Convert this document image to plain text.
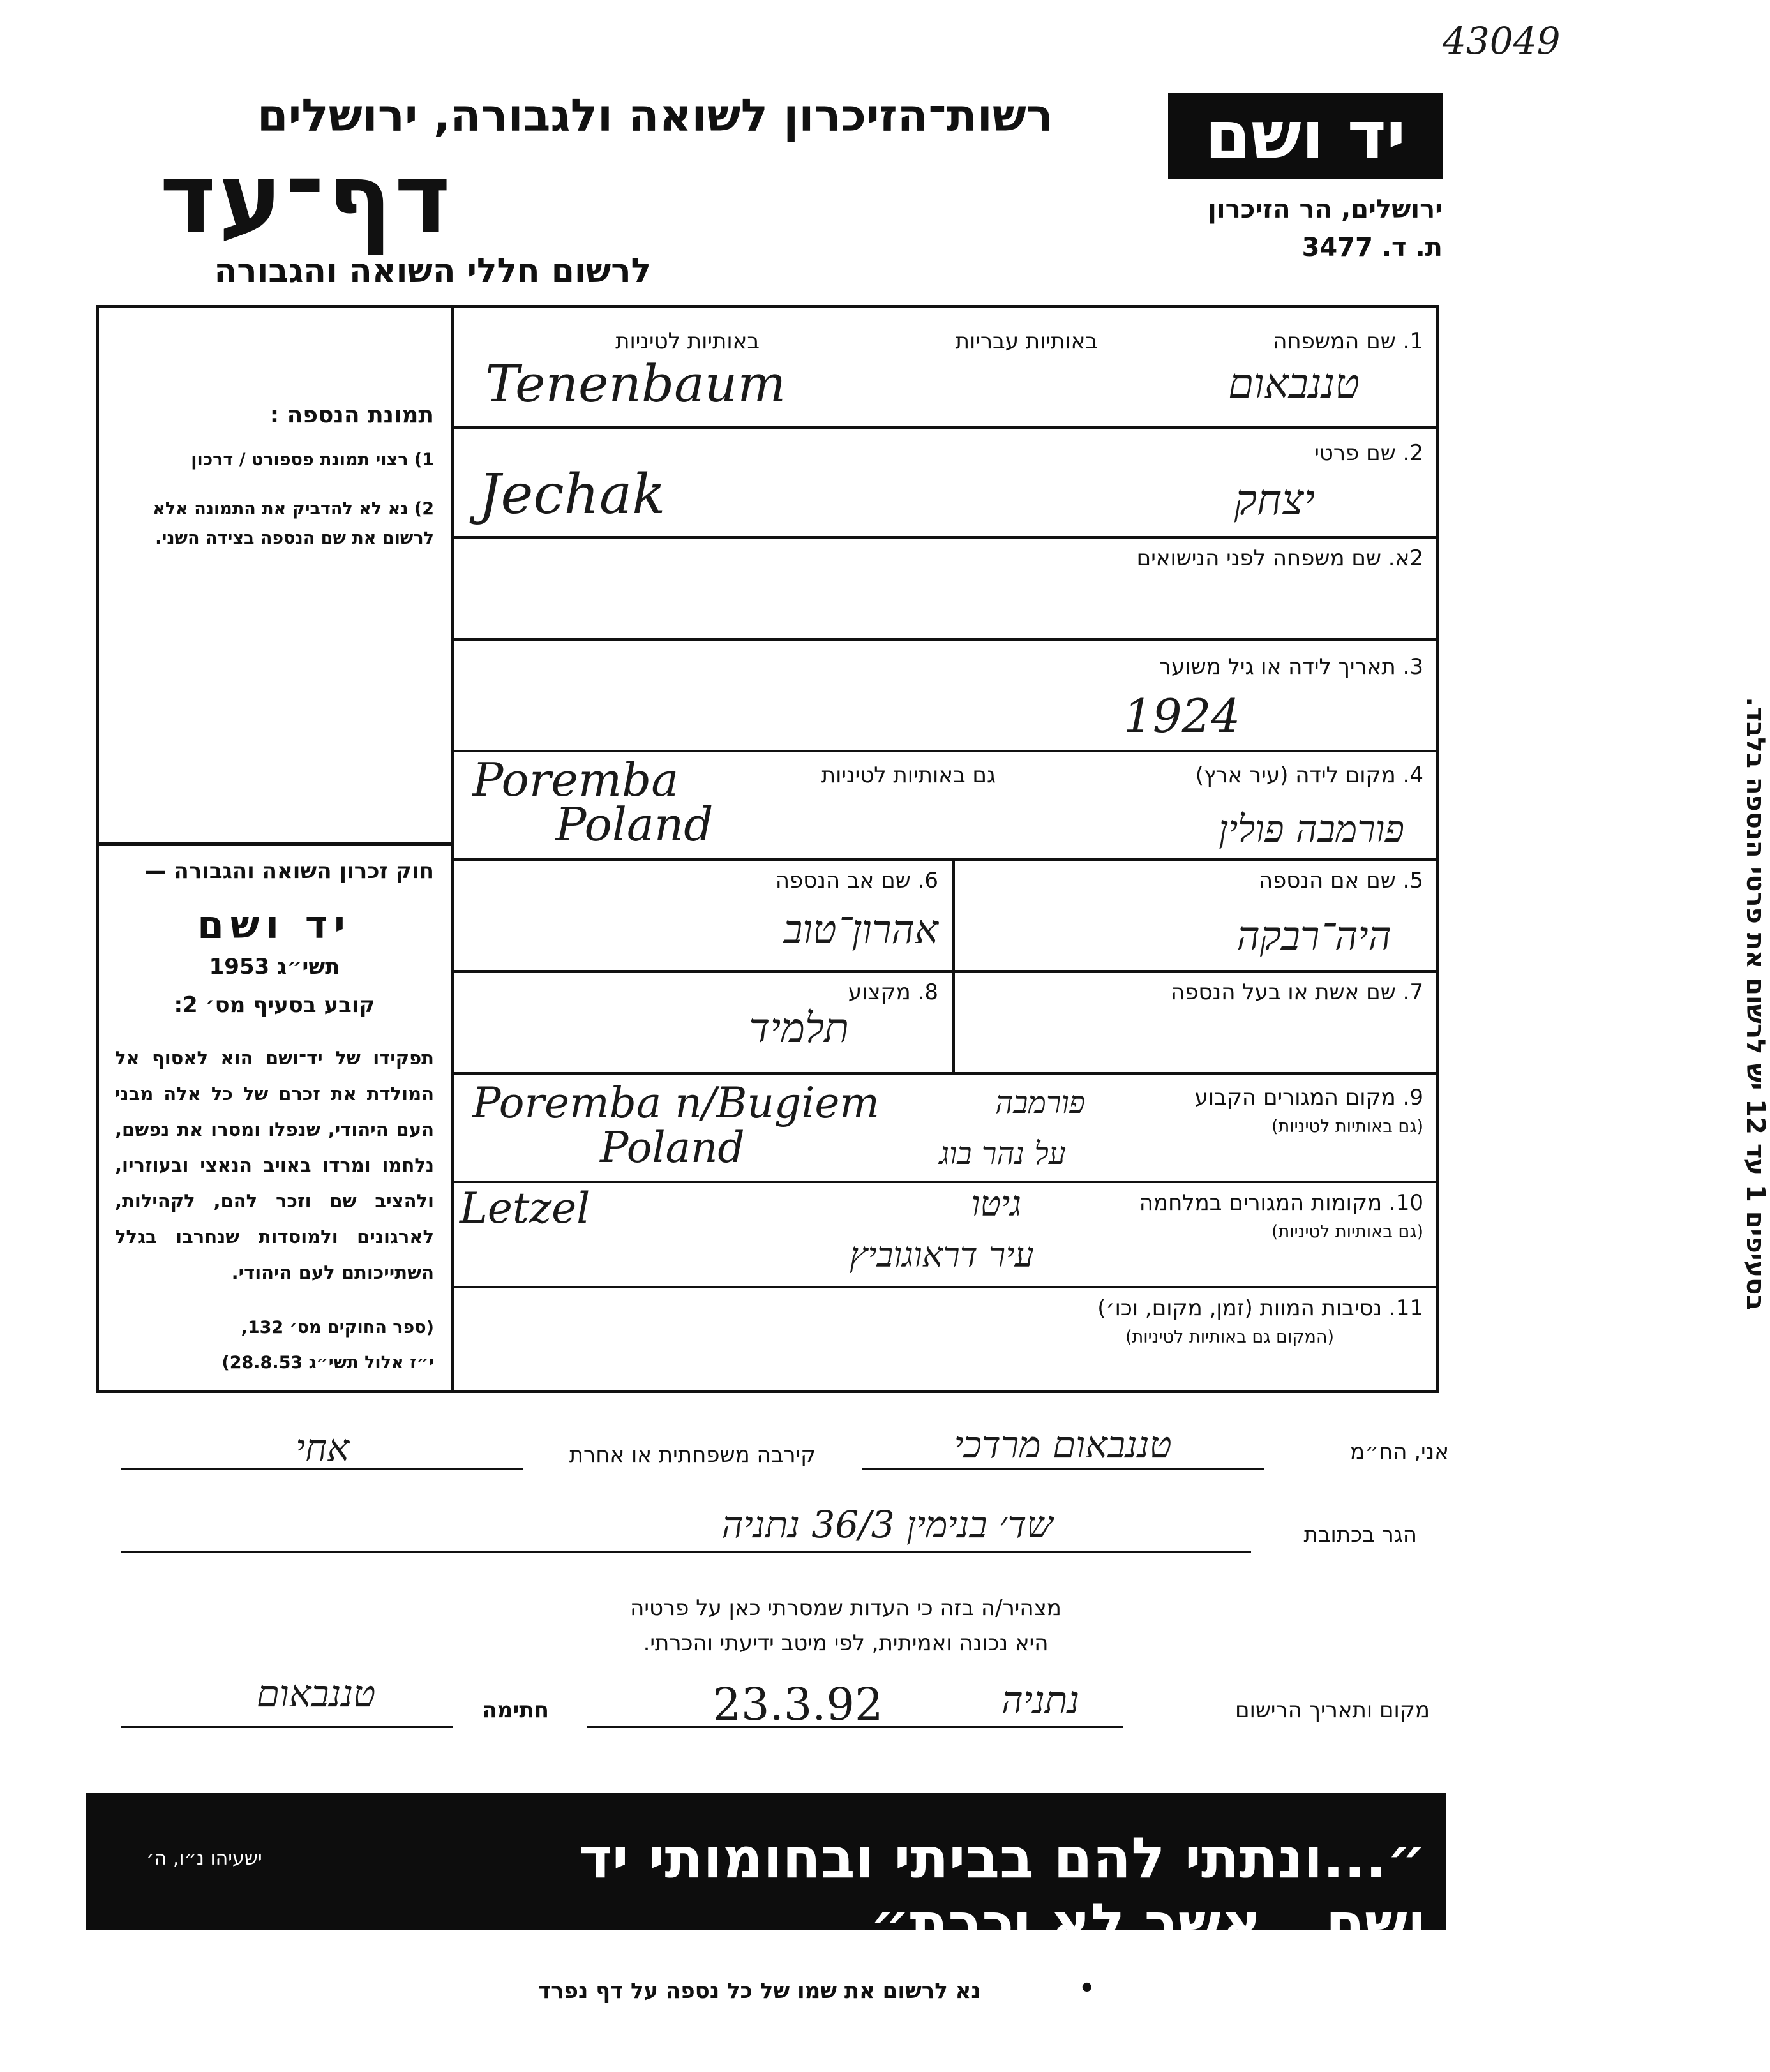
43049
רשות־הזיכרון לשואה ולגבורה, ירושלים
דף־עד
לרשום חללי השואה והגבורה
יד ושם
ירושלים, הר הזיכרון
ת. ד. 3477
תמונת הנספה :
1) רצוי תמונת פספורט / דרכון
2) נא לא להדביק את התמונה אלא לרשום את שם הנספה בצידה השני.
חוק זכרון השואה והגבורה —
יד ושם
תשי״ג 1953
קובע בסעיף מס׳ 2:
תפקידו של יד־ושם הוא לאסוף אל המולדת את זכרם של כל אלה מבני העם היהודי, שנפלו ומסרו את נפשם, נלחמו ומרדו באויב הנאצי ובעוזריו, ולהציב שם וזכר להם, לקהילות, לארגונים ולמוסדות שנחרבו בגלל השתייכותם לעם היהודי.
(ספר החוקים מס׳ 132,
י״ז אלול תשי״ג 28.8.53)
1. שם המשפחה
באותיות עבריות
באותיות לטיניות
Tenenbaum	טננבאום
2. שם פרטי
Jechak	יצחק
2א. שם משפחה לפני הנישואים
3. תאריך לידה או גיל משוער
1924
4. מקום לידה (עיר ארץ)
גם באותיות לטיניות
Poremba
Poland	פורמבה פולין
5. שם אם הנספה
היה־רבקה
6. שם אב הנספה
אהרון־טוב
7. שם אשת או בעל הנספה
8. מקצוע
תלמיד
9. מקום המגורים הקבוע
(גם באותיות לטיניות)
Poremba n/Bugiem
Poland
פורמבה
על נהר בוג
10. מקומות המגורים במלחמה
(גם באותיות לטיניות)
Letzel	גיטו
עיר דראוגוביץ
11. נסיבות המוות (זמן, מקום, וכו׳)
(המקום גם באותיות לטיניות)
בסעיפים 1 עד 12 יש לרשום את פרטי הנספה בלבד.
אני, הח״מ
טננבאום מרדכי
קירבה משפחתית או אחרת
אחי
הגר בכתובת
שד׳ בנימין 36/3 נתניה
מצהיר/ה בזה כי העדות שמסרתי כאן על פרטיה
היא נכונה ואמיתית, לפי מיטב ידיעתי והכרתי.
מקום ותאריך הרישום
נתניה
23.3.92
חתימה
טננבאום
״...ונתתי להם בביתי ובחומותי יד ושם...אשר לא יכרת״
ישעיהו נ״ו, ה׳
נא לרשום את שמו של כל נספה על דף נפרד	•
